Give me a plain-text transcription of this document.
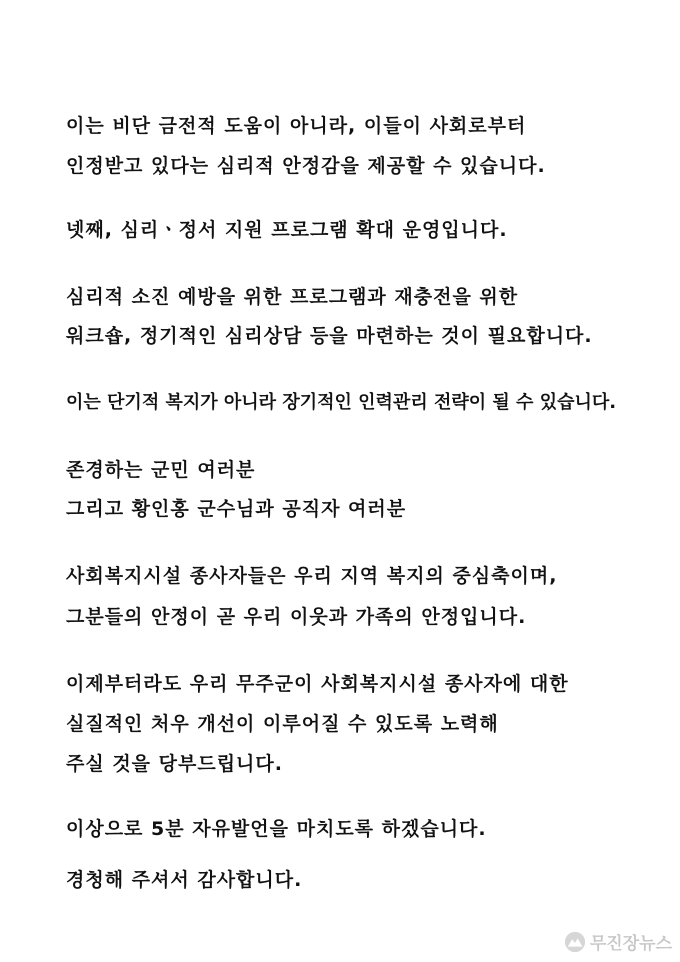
이는 비단 금전적 도움이 아니라, 이들이 사회로부터
인정받고 있다는 심리적 안정감을 제공할 수 있습니다.
넷째, 심리ㆍ정서 지원 프로그램 확대 운영입니다.
심리적 소진 예방을 위한 프로그램과 재충전을 위한
워크숍, 정기적인 심리상담 등을 마련하는 것이 필요합니다.
이는 단기적 복지가 아니라 장기적인 인력관리 전략이 될 수 있습니다.
존경하는 군민 여러분
그리고 황인홍 군수님과 공직자 여러분
사회복지시설 종사자들은 우리 지역 복지의 중심축이며,
그분들의 안정이 곧 우리 이웃과 가족의 안정입니다.
이제부터라도 우리 무주군이 사회복지시설 종사자에 대한
실질적인 처우 개선이 이루어질 수 있도록 노력해
주실 것을 당부드립니다.
이상으로 5분 자유발언을 마치도록 하겠습니다.
경청해 주셔서 감사합니다.
무진장뉴스
